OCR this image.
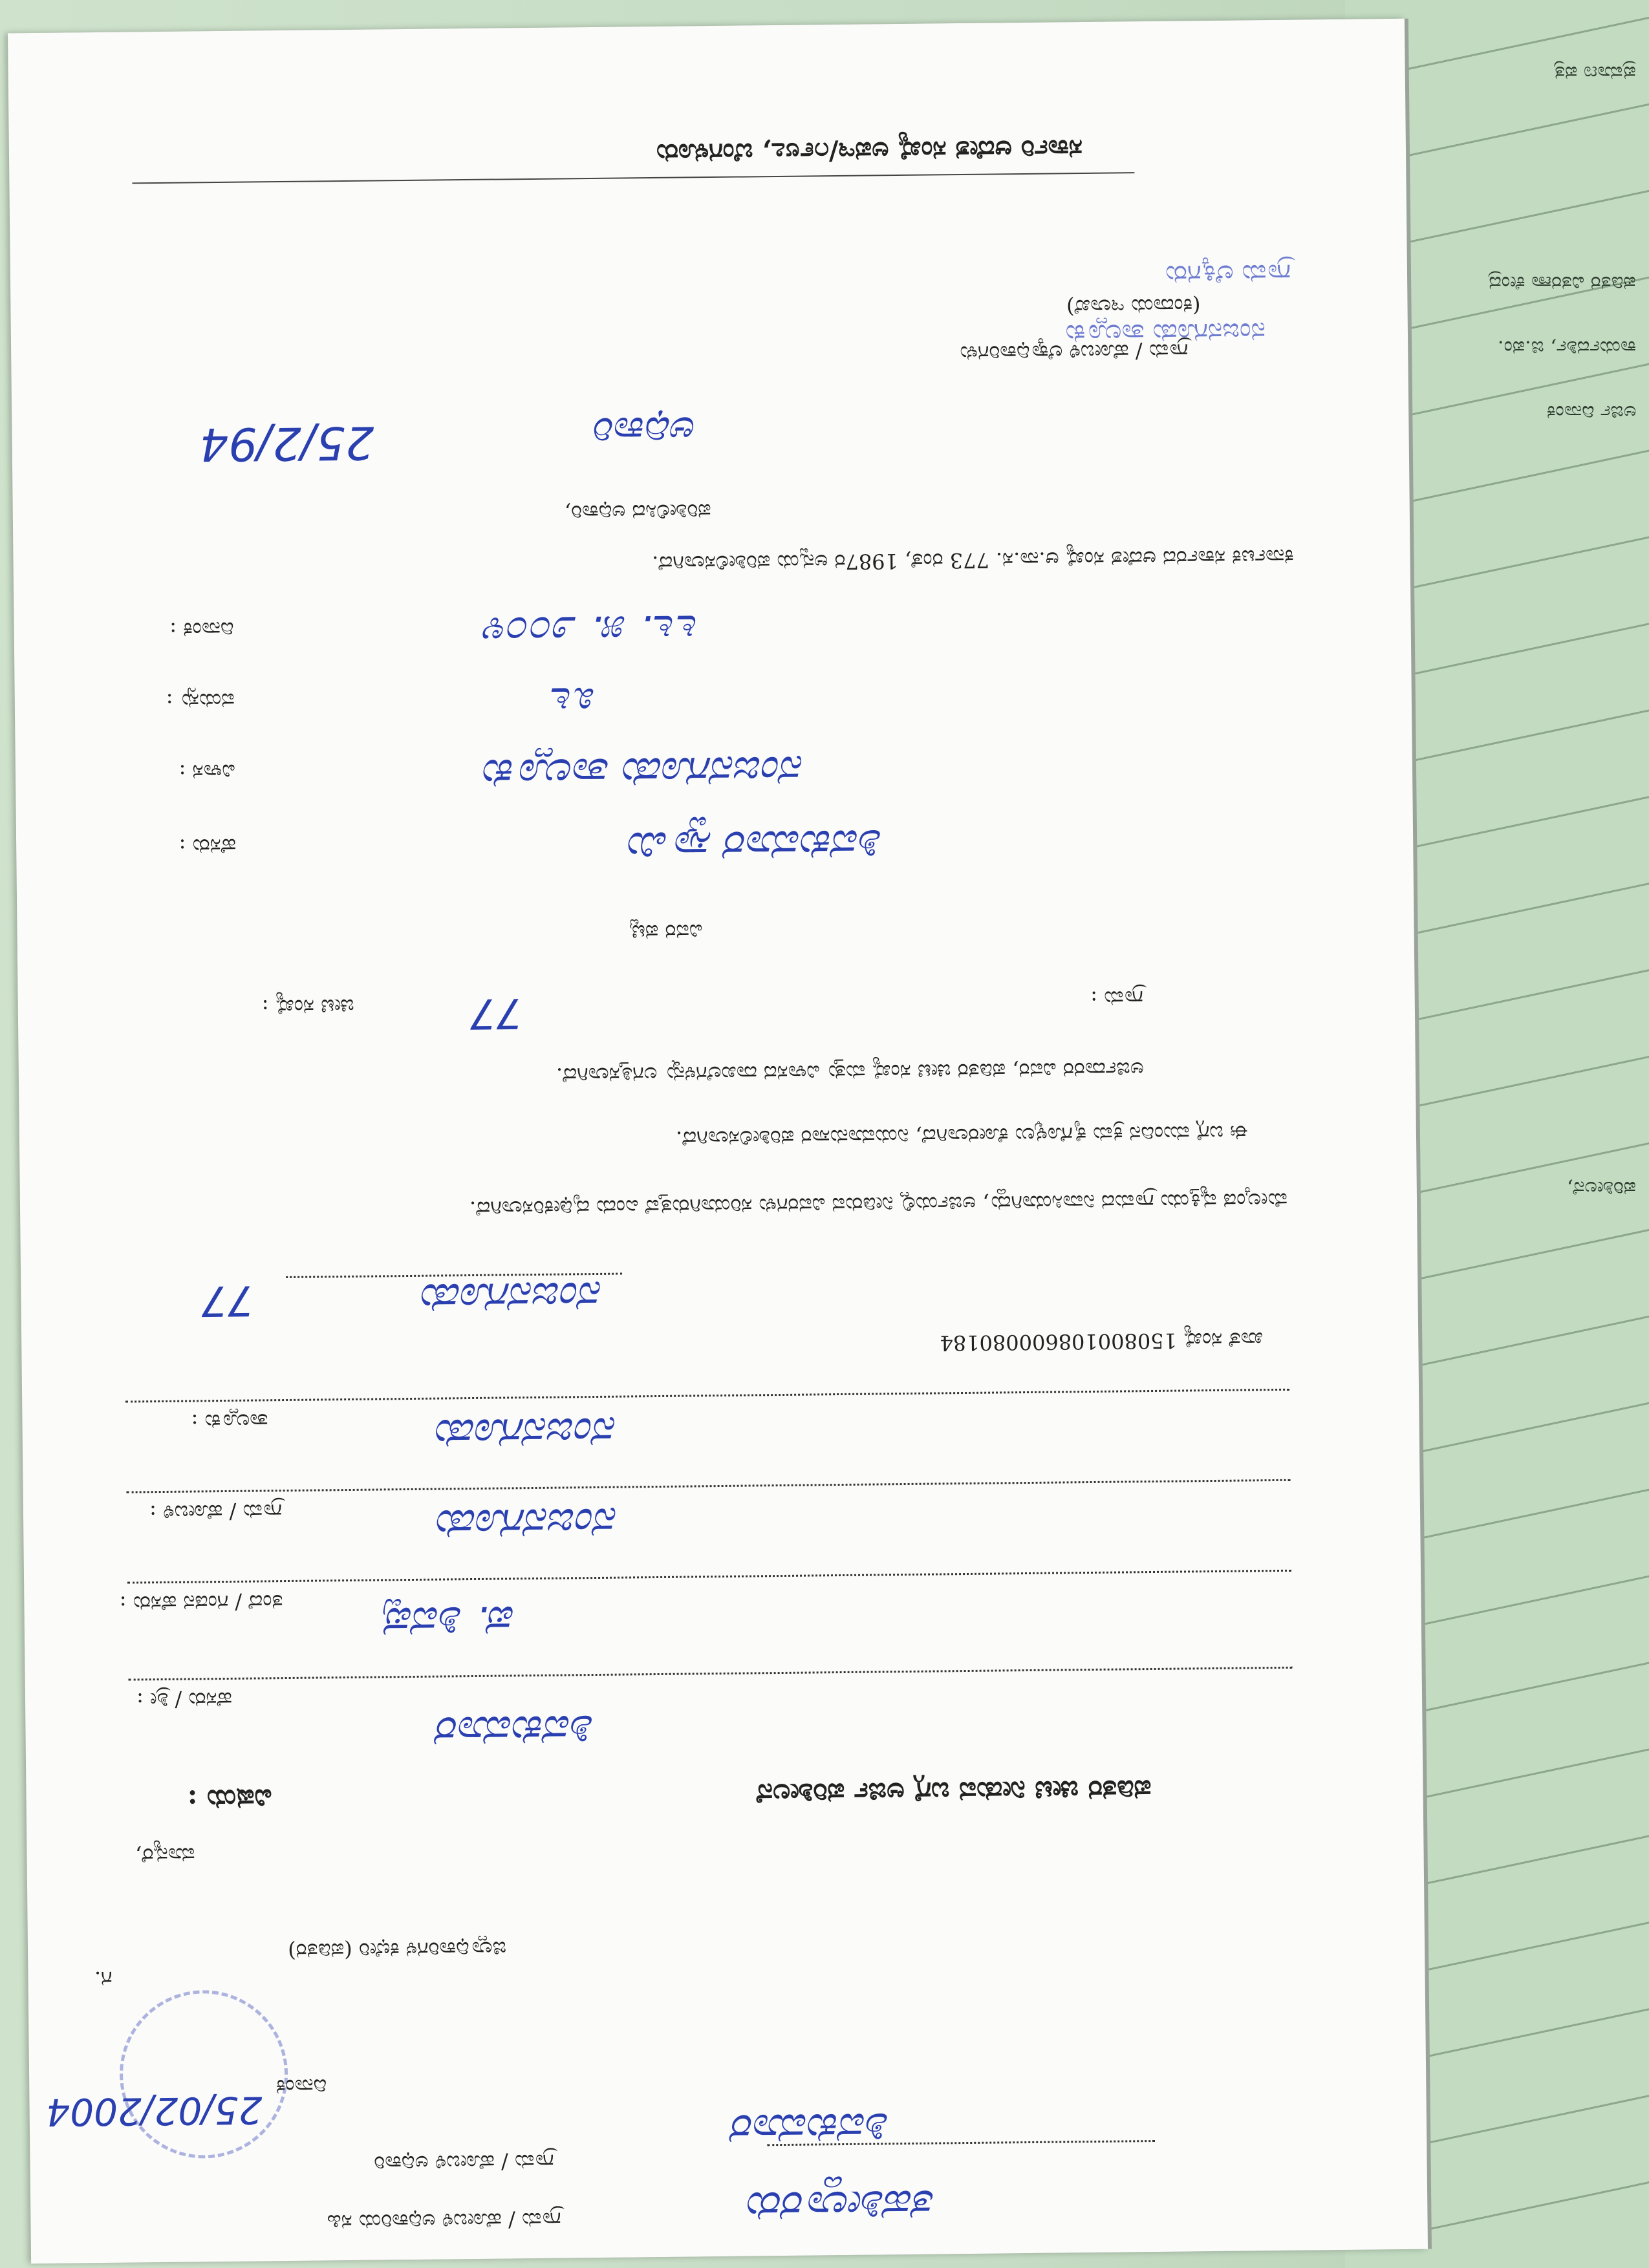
ಪ್ರಮಾಣ ಪತ್ರ
ಪಡಿತರ ವಿತರಣಾ ಕೇಂದ್ರ
ಕಾರ್ಯದರ್ಶಿ, ಜಿ.ಪಂ.
ಅರ್ಜಿ ದಿನಾಂಕ
ಪರಿಶೀಲನೆ,
ಸರ್ಕಾರಿ ಆದೇಶ ಸಂಖ್ಯೆ ಅಪಇ/೧೯೮೭, ಬೆಂಗಳೂರು
ಗ್ರಾಮ ಲೆಕ್ಕಿಗರು
ನಂಜನಗೂಡು ತಾಲ್ಲೂಕು
(ಕಂದಾಯ ಇಲಾಖೆ)
ಗ್ರಾಮ / ಹೋಬಳಿ ಲೆಕ್ಕಾಧಿಕಾರಿಗಳು
25/2/94	ಅಧಿಕಾರಿ
ಪರಿಶೀಲಿಸಿದ ಅಧಿಕಾರಿ,
ಕರ್ನಾಟಕ ಸರ್ಕಾರದ ಆದೇಶ ಸಂಖ್ಯೆ ಆ.ನಾ.ಸ. 773 ರಂತೆ, 1987ರ ಅನ್ವಯ ಪರಿಶೀಲಿಸಲಾಗಿದೆ.
ದಿನಾಂಕ :	೬೬. ೫. ೨೦೦೪
ವಯಸ್ಸು :	೩೬
ವಿಳಾಸ :	ನಂಜನಗೂಡು ತಾಲ್ಲೂಕು
ಹೆಸರು :	ಶಿವಕುಮಾರ ಸ್ವಾಮಿ
ವಿವರ ಪಟ್ಟಿ
ಗ್ರಾಮ :
ಚೀಟಿ ಸಂಖ್ಯೆ :	77
ಅರ್ಜಿದಾರರ ವಿವರ, ಪಡಿತರ ಚೀಟಿ ಸಂಖ್ಯೆ ಮತ್ತು ವಿಳಾಸದ ದಾಖಲೆಗಳನ್ನು ಲಗತ್ತಿಸಲಾಗಿದೆ.
ಈ ಬಗ್ಗೆ ಮುಂದಿನ ಕ್ರಮ ಕೈಗೊಳ್ಳಲು ಕೋರಲಾಗಿದೆ, ನಿಯಮಾನುಸಾರ ಪರಿಶೀಲಿಸಲಾಗಿದೆ.
ಮೇಲ್ಕಂಡ ವ್ಯಕ್ತಿಯು ಗ್ರಾಮದ ನಿವಾಸಿಯಾಗಿದ್ದು, ಅರ್ಜಿಯಲ್ಲಿ ನೀಡಿರುವ ವಿವರಗಳು ಸರಿಯಾಗಿರುತ್ತವೆ ಎಂದು ದೃಢೀಕರಿಸಲಾಗಿದೆ.
ನಂಜನಗೂಡು
77
ಖಾತೆ ಸಂಖ್ಯೆ 150800108600080184
ತಾಲ್ಲೂಕು :	ನಂಜನಗೂಡು
ಗ್ರಾಮ / ಹೋಬಳಿ :	ನಂಜನಗೂಡು
ತಂದೆ / ಗಂಡನ ಹೆಸರು : ಪ. ಶಿವಪ್ಪ
ಹೆಸರು / ಶ್ರೀ :
ಶಿವಕುಮಾರ
ವಿಷಯ :	ಪಡಿತರ ಚೀಟಿ ನೀಡುವ ಬಗ್ಗೆ ಅರ್ಜಿ ಪರಿಶೀಲನೆ
ಮಾನ್ಯರೆ,
ಜಿಲ್ಲಾಧಿಕಾರಿಗಳ ಕಛೇರಿ (ಪಡಿತರ)
ಗ.
ದಿನಾಂಕ
25/02/2004
ಗ್ರಾಮ / ಹೋಬಳಿ ಅಧಿಕಾರಿ
ಶಿವಕುಮಾರ
ಗ್ರಾಮ / ಹೋಬಳಿ ಅಧಿಕಾರಿಯ ಸಹಿ	ತಹಶೀಲ್ದಾರರು
